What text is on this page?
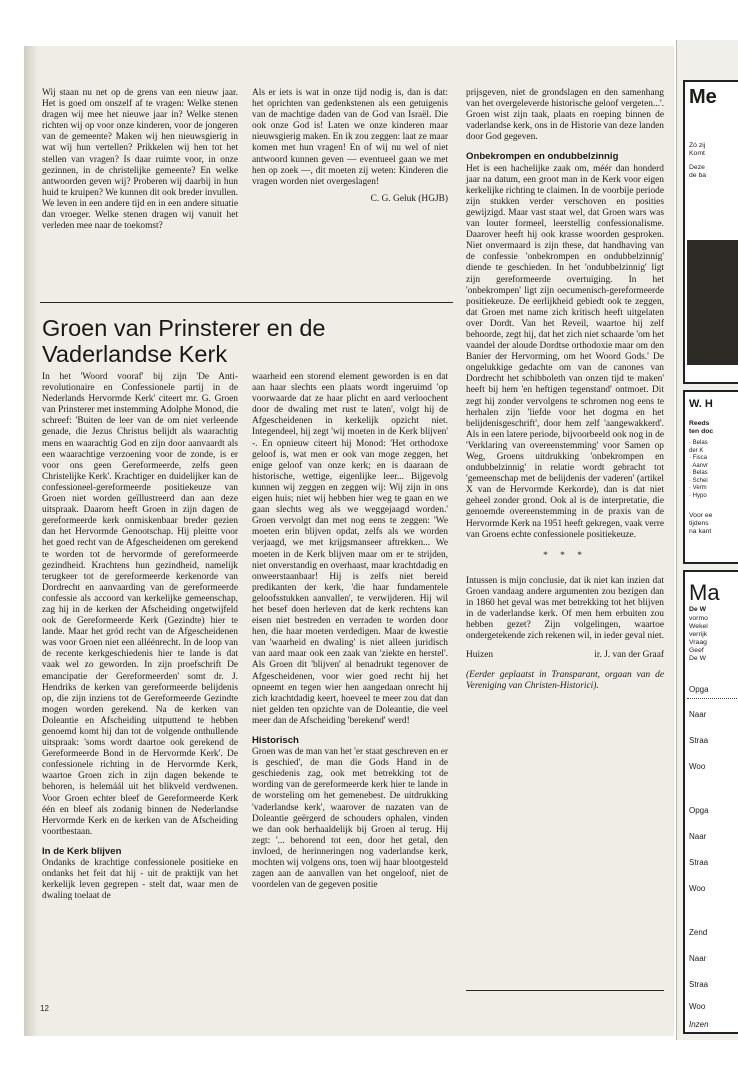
Wij staan nu net op de grens van een nieuw jaar. Het is goed om onszelf af te vragen: Welke stenen dragen wij mee het nieuwe jaar in? Welke stenen richten wij op voor onze kinderen, voor de jongeren van de gemeente? Maken wij hen nieuwsgierig in wat wij hun vertellen? Prikkelen wij hen tot het stellen van vragen? Is daar ruimte voor, in onze gezinnen, in de christelijke gemeente? En welke antwoorden geven wij? Proberen wij daarbij in hun huid te kruipen? We kunnen dit ook breder invullen. We leven in een andere tijd en in een andere situatie dan vroeger. Welke stenen dragen wij vanuit het verleden mee naar de toekomst?

Als er iets is wat in onze tijd nodig is, dan is dat: het oprichten van gedenkstenen als een getuigenis van de machtige daden van de God van Israël. Die ook onze God is! Laten we onze kinderen maar nieuwsgierig maken. En ik zou zeggen: laat ze maar komen met hun vragen! En of wij nu wel of niet antwoord kunnen geven — eventueel gaan we met hen op zoek —, dit moeten zij weten: Kinderen die vragen worden niet overgeslagen!

C. G. Geluk (HGJB)

Groen van Prinsterer en de Vaderlandse Kerk

In het 'Woord vooraf' bij zijn 'De Anti-revolutionaire en Confessionele partij in de Nederlands Hervormde Kerk' citeert mr. G. Groen van Prinsterer met instemming Adolphe Monod, die schreef: 'Buiten de leer van de om niet verleende genade, die Jezus Christus belijdt als waarachtig mens en waarachtig God en zijn door aanvaardt als een waarachtige verzoening voor de zonde, is er voor ons geen Gereformeerde, zelfs geen Christelijke Kerk'. Krachtiger en duidelijker kan de confessioneel-gereformeerde positiekeuze van Groen niet worden geïllustreerd dan aan deze uitspraak. Daarom heeft Groen in zijn dagen de gereformeerde kerk onmiskenbaar breder gezien dan het Hervormde Genootschap. Hij pleitte voor het goed recht van de Afgescheidenen om gerekend te worden tot de hervormde of gereformeerde gezindheid. Krachtens hun gezindheid, namelijk terugkeer tot de gereformeerde kerkenorde van Dordrecht en aanvaarding van de gereformeerde confessie als accoord van kerkelijke gemeenschap, zag hij in de kerken der Afscheiding ongetwijfeld ook de Gereformeerde Kerk (Gezindte) hier te lande. Maar het gród recht van de Afgescheidenen was voor Groen niet een alléénrecht. In de loop van de recente kerkgeschiedenis hier te lande is dat vaak wel zo geworden. In zijn proefschrift De emancipatie der Gereformeerden' somt dr. J. Hendriks de kerken van gereformeerde belijdenis op, die zijn inziens tot de Gereformeerde Gezindte mogen worden gerekend. Na de kerken van Doleantie en Afscheiding uitputtend te hebben genoemd komt hij dan tot de volgende onthullende uitspraak: 'soms wordt daartoe ook gerekend de Gereformeerde Bond in de Hervormde Kerk'. De confessionele richting in de Hervormde Kerk, waartoe Groen zich in zijn dagen bekende te behoren, is helemáál uit het blikveld verdwenen. Voor Groen echter bleef de Gereformeerde Kerk één en bleef als zodanig binnen de Nederlandse Hervormde Kerk en de kerken van de Afscheiding voortbestaan.

In de Kerk blijven

Ondanks de krachtige confessionele positieke en ondanks het feit dat hij - uit de praktijk van het kerkelijk leven gegrepen - stelt dat, waar men de dwaling toelaat de

waarheid een storend element geworden is en dat aan haar slechts een plaats wordt ingeruimd 'op voorwaarde dat ze haar plicht en aard verloochent door de dwaling met rust te laten', volgt hij de Afgescheidenen in kerkelijk opzicht niet. Integendeel, hij zegt 'wij moeten in de Kerk blijven' -. En opnieuw citeert hij Monod: 'Het orthodoxe geloof is, wat men er ook van moge zeggen, het enige geloof van onze kerk; en is daaraan de historische, wettige, eigenlijke leer... Bijgevolg kunnen wij zeggen en zeggen wij: Wij zijn in ons eigen huis; niet wij hebben hier weg te gaan en we gaan slechts weg als we weggejaagd worden.' Groen vervolgt dan met nog eens te zeggen: 'We moeten erin blijven opdat, zelfs als we worden verjaagd, we met krijgsmanseer aftrekken... We moeten in de Kerk blijven maar om er te strijden, niet onverstandig en overhaast, maar krachtdadig en onweerstaanbaar! Hij is zelfs niet bereid predikanten der kerk, 'die haar fundamentele geloofsstukken aanvallen', te verwijderen. Hij wil het besef doen herleven dat de kerk rechtens kan eisen niet bestreden en verraden te worden door hen, die haar moeten verdedigen. Maar de kwestie van 'waarheid en dwaling' is niet alleen juridisch van aard maar ook een zaak van 'ziekte en herstel'. Als Groen dit 'blijven' al benadrukt tegenover de Afgescheidenen, voor wier goed recht hij het opneemt en tegen wier hen aangedaan onrecht hij zich krachtdadig keert, hoeveel te meer zou dat dan niet gelden ten opzichte van de Doleantie, die veel meer dan de Afscheiding 'berekend' werd!

Historisch

Groen was de man van het 'er staat geschreven en er is geschied', de man die Gods Hand in de geschiedenis zag, ook met betrekking tot de wording van de gereformeerde kerk hier te lande in de worsteling om het gemenebest. De uitdrukking 'vaderlandse kerk', waarover de nazaten van de Doleantie geërgerd de schouders ophalen, vinden we dan ook herhaaldelijk bij Groen al terug. Hij zegt: '... behorend tot een, door het getal, den invloed, de herinneringen nog vaderlandse kerk, mochten wij volgens ons, toen wij haar blootgesteld zagen aan de aanvallen van het ongeloof, niet de voordelen van de gegeven positie

prijsgeven, niet de grondslagen en den samenhang van het overgeleverde historische geloof vergeten...'. Groen wist zijn taak, plaats en roeping binnen de vaderlandse kerk, ons in de Historie van deze landen door God gegeven.

Onbekrompen en ondubbelzinnig

Het is een hachelijke zaak om, méér dan honderd jaar na datum, een groot man in de Kerk voor eigen kerkelijke richting te claimen. In de voorbije periode zijn stukken verder verschoven en posities gewijzigd. Maar vast staat wel, dat Groen wars was van louter formeel, leerstellig confessionalisme. Daarover heeft hij ook krasse woorden gesproken. Niet onvermaard is zijn these, dat handhaving van de confessie 'onbekrompen en ondubbelzinnig' diende te geschieden. In het 'ondubbelzinnig' ligt zijn gereformeerde overtuiging. In het 'onbekrompen' ligt zijn oecumenisch-gereformeerde positiekeuze. De eerlijkheid gebiedt ook te zeggen, dat Groen met name zich kritisch heeft uitgelaten over Dordt. Van het Reveil, waartoe hij zelf behoorde, zegt hij, dat het zich niet schaarde 'om het vaandel der aloude Dordtse orthodoxie maar om den Banier der Hervorming, om het Woord Gods.' De ongelukkige gedachte om van de canones van Dordrecht het schibboleth van onzen tijd te maken' heeft bij hem 'en heftigen tegenstand' ontmoet. Dit zegt hij zonder vervolgens te schromen nog eens te herhalen zijn 'liefde voor het dogma en het belijdenisgeschrift', door hem zelf 'aangewakkerd'. Als in een latere periode, bijvoorbeeld ook nog in de 'Verklaring van overeenstemming' voor Samen op Weg, Groens uitdrukking 'onbekrompen en ondubbelzinnig' in relatie wordt gebracht tot 'gemeenschap met de belijdenis der vaderen' (artikel X van de Hervormde Kerkorde), dan is dat niet geheel zonder grond. Ook al is de interpretatie, die genoemde overeenstemming in de praxis van de Hervormde Kerk na 1951 heeft gekregen, vaak verre van Groens echte confessionele positiekeuze.

* * *

Intussen is mijn conclusie, dat ik niet kan inzien dat Groen vandaag andere argumenten zou bezigen dan in 1860 het geval was met betrekking tot het blijven in de vaderlandse kerk. Of men hem erbuiten zou hebben gezet? Zijn volgelingen, waartoe ondergetekende zich rekenen wil, in ieder geval niet.

Huizen	ir. J. van der Graaf

(Eerder geplaatst in Transparant, orgaan van de Vereniging van Christen-Historici).

12
Me
Zó zij
Komt
Deze
de ba
W. H
Reeds
ten doc
· Belas
der K
· Fisca
· Aanvr
· Belas
· Schei
· Verm
· Hypo
Voor ee
tijdens
na kant
Ma
De W
vormo
Wekel
verrijk
Vraag
Geef
De W
Opga
Naar
Straa
Woo
Opga
Naar
Straa
Woo
Zend
Naar
Straa
Woo
Inzen
